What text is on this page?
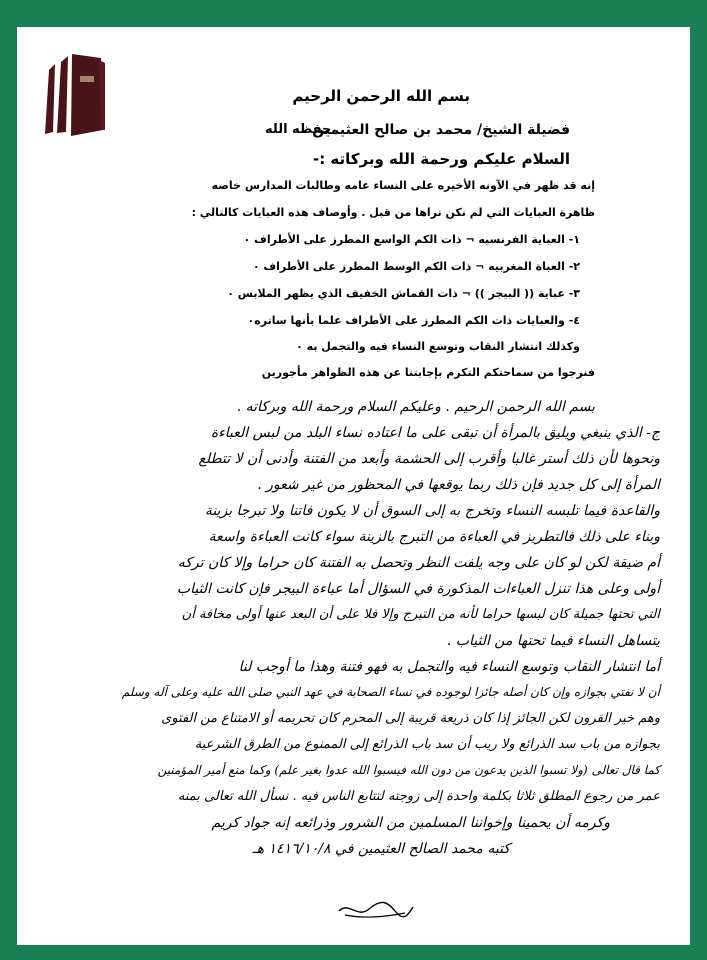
بسم الله الرحمن الرحيم
فضيلة الشيخ/ محمد بن صالح العثيمين
حفظه الله
السلام عليكم ورحمة الله وبركاته :-
إنه قد ظهر في الآونه الأخيره على النساء عامه وطالبات المدارس خاصه
ظاهرة العبايات التي لم نكن نراها من قبل . وأوصاف هذه العبايات كالتالي :
١- العباية الفرنسيه ¬ ذات الكم الواسع المطرز على الأطراف ٠
٢- العباة المغربيه ¬ ذات الكم الوسط المطرز على الأطراف ٠
٣- عباية (( البيجر )) ¬ ذات القماش الخفيف الذي يظهر الملابس ٠
٤- والعبايات ذات الكم المطرز على الأطراف علما بأنها ساتره٠
وكذلك انتشار النقاب وتوسع النساء فيه والتجمل به ٠
فنرجوا من سماحتكم التكرم بإجابتنا عن هذه الظواهر مأجورين
بسم الله الرحمن الرحيم . وعليكم السلام ورحمة الله وبركاته .
ج- الذي ينبغي ويليق بالمرأة أن تبقى على ما اعتاده نساء البلد من لبس العباءة
ونحوها لأن ذلك أستر غالبا وأقرب إلى الحشمة وأبعد من الفتنة وأدنى أن لا تتطلع
المرأة إلى كل جديد فإن ذلك ربما يوقعها في المحظور من غير شعور .
والقاعدة فيما تلبسه النساء وتخرج به إلى السوق أن لا يكون فاتنا ولا تبرجا بزينة
وبناء على ذلك فالتطريز في العباءة من التبرج بالزينة سواء كانت العباءة واسعة
أم ضيقة لكن لو كان على وجه يلفت النظر وتحصل به الفتنة كان حراما وإلا كان تركه
أولى وعلى هذا تنزل العباءات المذكورة في السؤال أما عباءة البيجر فإن كانت الثياب
التي تحتها جميلة كان لبسها حراما لأنه من التبرج وإلا فلا على أن البعد عنها أولى مخافة أن
يتساهل النساء فيما تحتها من الثياب .
أما انتشار النقاب وتوسع النساء فيه والتجمل به فهو فتنة وهذا ما أوجب لنا
أن لا نفتي بجوازه وإن كان أصله جائزا لوجوده في نساء الصحابة في عهد النبي صلى الله عليه وعلى آله وسلم
وهم خير القرون لكن الجائز إذا كان ذريعة قريبة إلى المحرم كان تحريمه أو الامتناع من الفتوى
بجوازه من باب سد الذرائع ولا ريب أن سد باب الذرائع إلى الممنوع من الطرق الشرعية
كما قال تعالى (ولا تسبوا الذين يدعون من دون الله فيسبوا الله عدوا بغير علم) وكما منع أمير المؤمنين
عمر من رجوع المطلق ثلاثا بكلمة واحدة إلى زوجته لتتابع الناس فيه . نسأل الله تعالى بمنه
وكرمه أن يحمينا وإخواننا المسلمين من الشرور وذرائعه إنه جواد كريم
كتبه محمد الصالح العثيمين في ١٤١٦/١٠/٨ هـ
